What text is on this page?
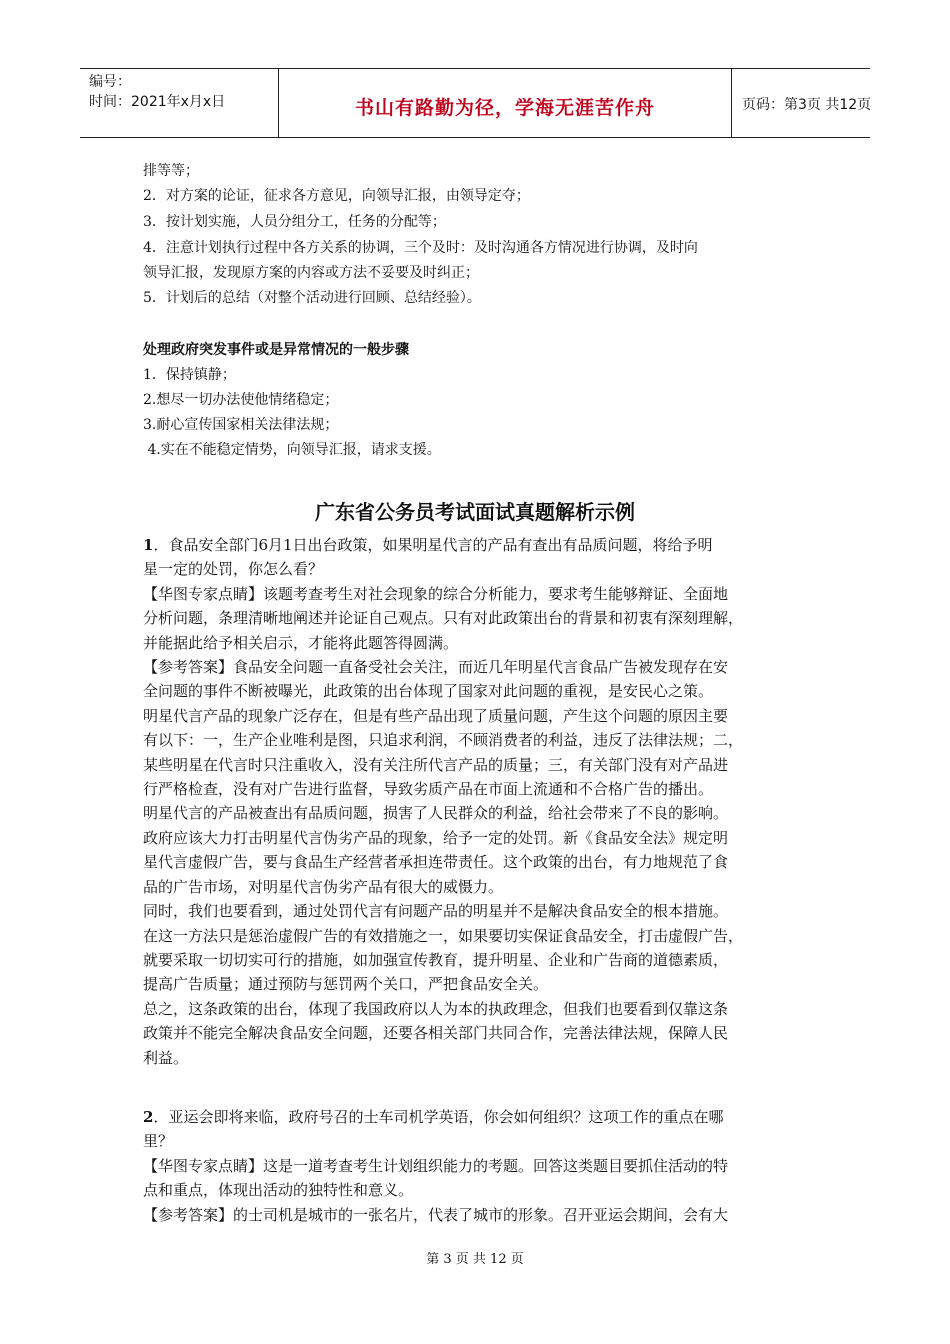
编号：
时间：2021年x月x日	书山有路勤为径，学海无涯苦作舟	页码：第3页 共12页
排等等；
2．对方案的论证，征求各方意见，向领导汇报，由领导定夺；
3．按计划实施，人员分组分工，任务的分配等；
4．注意计划执行过程中各方关系的协调，三个及时：及时沟通各方情况进行协调，及时向
领导汇报，发现原方案的内容或方法不妥要及时纠正；
5．计划后的总结（对整个活动进行回顾、总结经验）。
处理政府突发事件或是异常情况的一般步骤
1．保持镇静；
2.想尽一切办法使他情绪稳定；
3.耐心宣传国家相关法律法规；
4.实在不能稳定情势，向领导汇报，请求支援。
广东省公务员考试面试真题解析示例
1．食品安全部门6月1日出台政策，如果明星代言的产品有查出有品质问题，将给予明
星一定的处罚，你怎么看？
【华图专家点睛】该题考查考生对社会现象的综合分析能力，要求考生能够辩证、全面地
分析问题，条理清晰地阐述并论证自己观点。只有对此政策出台的背景和初衷有深刻理解，
并能据此给予相关启示，才能将此题答得圆满。
【参考答案】食品安全问题一直备受社会关注，而近几年明星代言食品广告被发现存在安
全问题的事件不断被曝光，此政策的出台体现了国家对此问题的重视，是安民心之策。
明星代言产品的现象广泛存在，但是有些产品出现了质量问题，产生这个问题的原因主要
有以下：一，生产企业唯利是图，只追求利润，不顾消费者的利益，违反了法律法规；二，
某些明星在代言时只注重收入，没有关注所代言产品的质量；三，有关部门没有对产品进
行严格检查，没有对广告进行监督，导致劣质产品在市面上流通和不合格广告的播出。
明星代言的产品被查出有品质问题，损害了人民群众的利益，给社会带来了不良的影响。
政府应该大力打击明星代言伪劣产品的现象，给予一定的处罚。新《食品安全法》规定明
星代言虚假广告，要与食品生产经营者承担连带责任。这个政策的出台，有力地规范了食
品的广告市场，对明星代言伪劣产品有很大的威慑力。
同时，我们也要看到，通过处罚代言有问题产品的明星并不是解决食品安全的根本措施。
在这一方法只是惩治虚假广告的有效措施之一，如果要切实保证食品安全，打击虚假广告，
就要采取一切切实可行的措施，如加强宣传教育，提升明星、企业和广告商的道德素质，
提高广告质量；通过预防与惩罚两个关口，严把食品安全关。
总之，这条政策的出台，体现了我国政府以人为本的执政理念，但我们也要看到仅靠这条
政策并不能完全解决食品安全问题，还要各相关部门共同合作，完善法律法规，保障人民
利益。
2．亚运会即将来临，政府号召的士车司机学英语，你会如何组织？这项工作的重点在哪
里？
【华图专家点睛】这是一道考查考生计划组织能力的考题。回答这类题目要抓住活动的特
点和重点，体现出活动的独特性和意义。
【参考答案】的士司机是城市的一张名片，代表了城市的形象。召开亚运会期间，会有大
第 3 页 共 12 页
